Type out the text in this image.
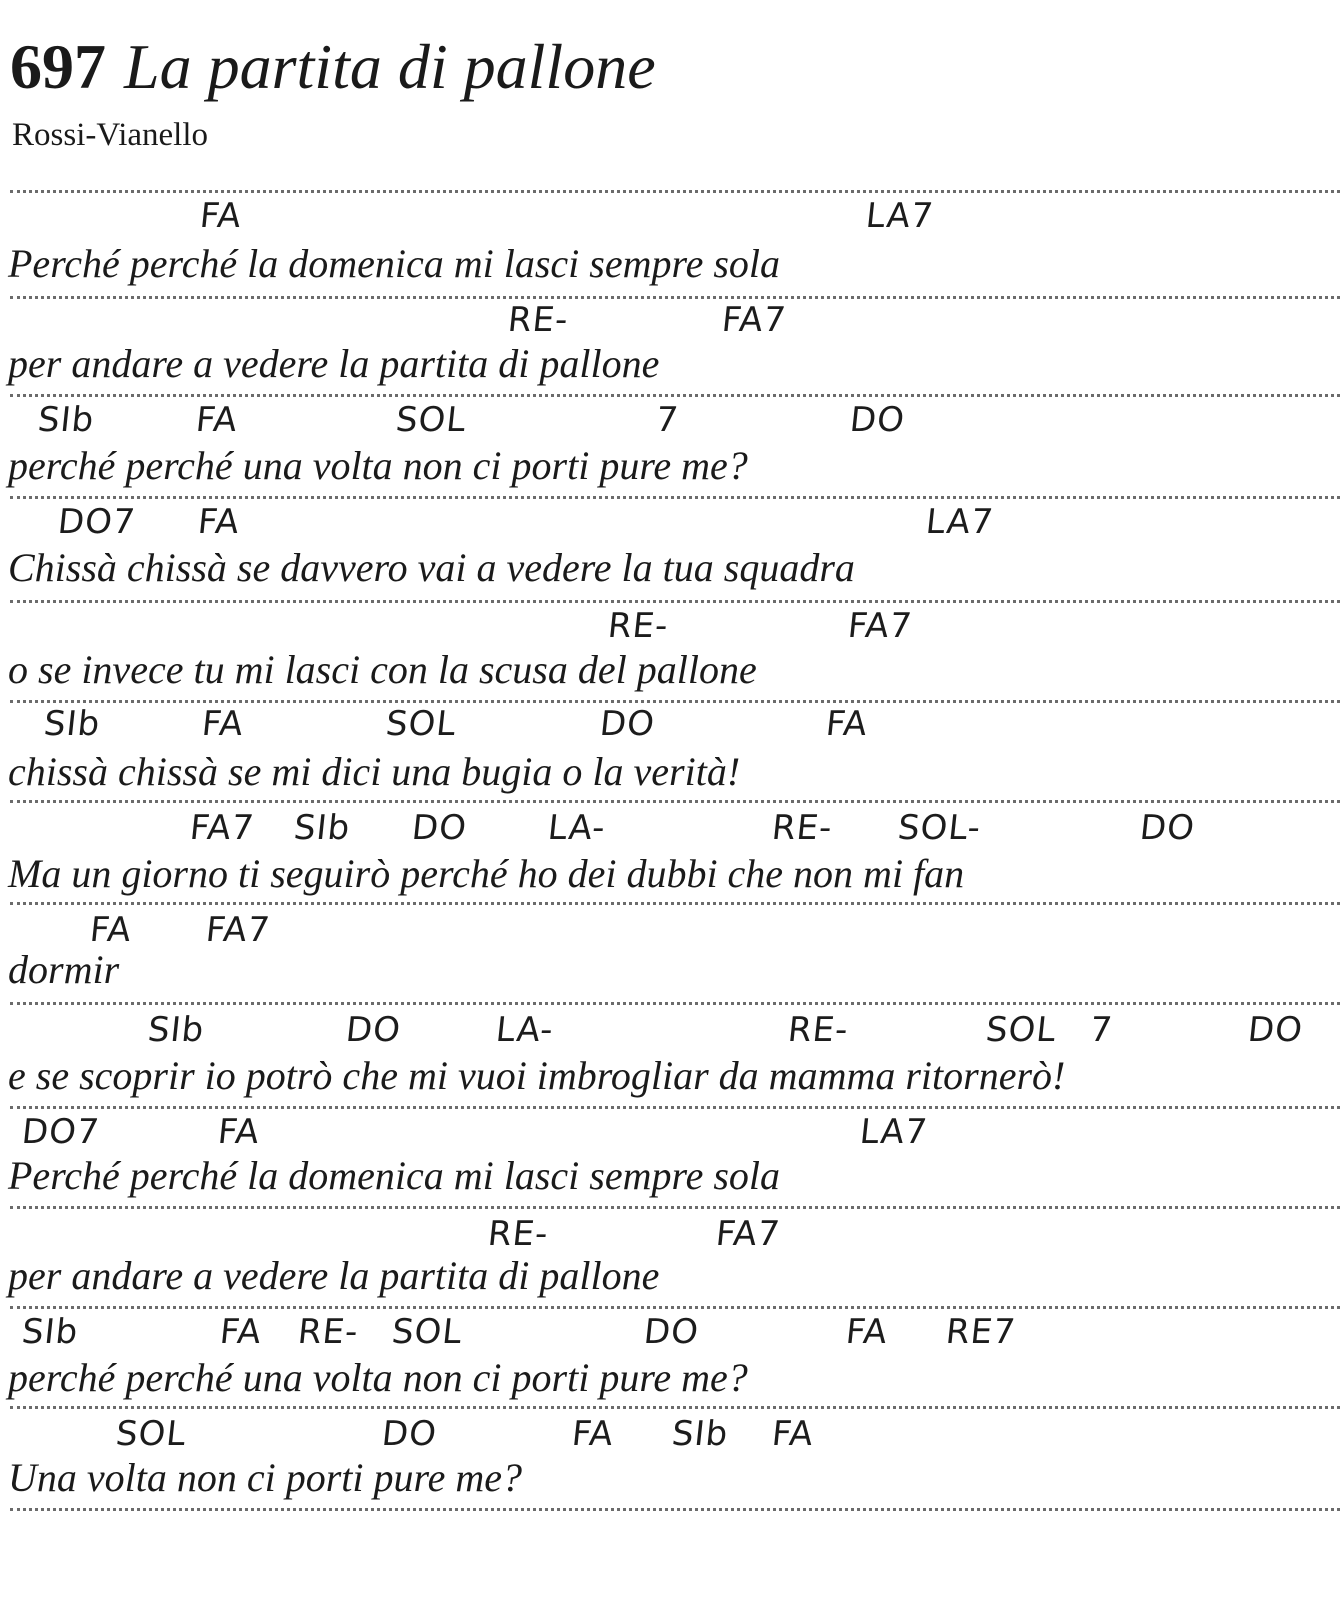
697 La partita di pallone
Rossi-Vianello
FA	LA7
Perché perché la domenica mi lasci sempre sola
RE-	FA7
per andare a vedere la partita di pallone
SIb	FA	SOL	7	DO
perché perché una volta non ci porti pure me?
DO7 FA	LA7
Chissà chissà se davvero vai a vedere la tua squadra
RE-	FA7
o se invece tu mi lasci con la scusa del pallone
SIb	FA	SOL	DO	FA
chissà chissà se mi dici una bugia o la verità!
FA7 SIb DO LA-	RE- SOL-	DO
Ma un giorno ti seguirò perché ho dei dubbi che non mi fan
FA FA7
dormir
SIb	DO	LA-	RE-	SOL 7	DO
e se scoprir io potrò che mi vuoi imbrogliar da mamma ritornerò!
DO7	FA	LA7
Perché perché la domenica mi lasci sempre sola
RE-	FA7
per andare a vedere la partita di pallone
SIb	FA RE- SOL	DO	FA RE7
perché perché una volta non ci porti pure me?
SOL	DO	FA SIb FA
Una volta non ci porti pure me?
